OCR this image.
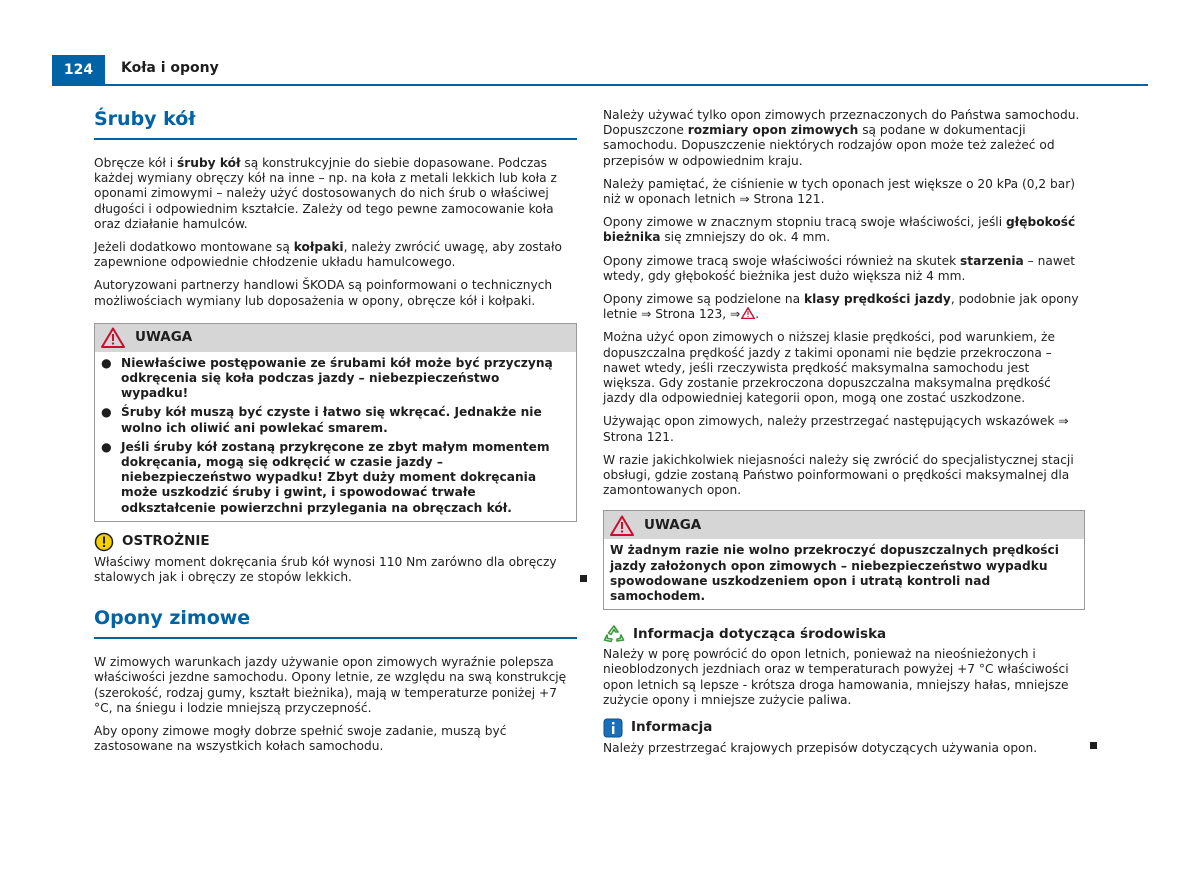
124	Koła i opony
Śruby kół

Obręcze kół i śruby kół są konstrukcyjnie do siebie dopasowane. Podczas każdej wymiany obręczy kół na inne – np. na koła z metali lekkich lub koła z oponami zimowymi – należy użyć dostosowanych do nich śrub o właściwej długości i odpowiednim kształcie. Zależy od tego pewne zamocowanie koła oraz działanie hamulców.

Jeżeli dodatkowo montowane są kołpaki, należy zwrócić uwagę, aby zostało zapewnione odpowiednie chłodzenie układu hamulcowego.

Autoryzowani partnerzy handlowi ŠKODA są poinformowani o technicznych możliwościach wymiany lub doposażenia w opony, obręcze kół i kołpaki.

UWAGA
● Niewłaściwe postępowanie ze śrubami kół może być przyczyną odkręcenia się koła podczas jazdy – niebezpieczeństwo wypadku!
● Śruby kół muszą być czyste i łatwo się wkręcać. Jednakże nie wolno ich oliwić ani powlekać smarem.
● Jeśli śruby kół zostaną przykręcone ze zbyt małym momentem dokręcania, mogą się odkręcić w czasie jazdy – niebezpieczeństwo wypadku! Zbyt duży moment dokręcania może uszkodzić śruby i gwint, i spowodować trwałe odkształcenie powierzchni przylegania na obręczach kół.
OSTROŻNIE

Właściwy moment dokręcania śrub kół wynosi 110 Nm zarówno dla obręczy stalowych jak i obręczy ze stopów lekkich.

Opony zimowe

W zimowych warunkach jazdy używanie opon zimowych wyraźnie polepsza właściwości jezdne samochodu. Opony letnie, ze względu na swą konstrukcję (szerokość, rodzaj gumy, kształt bieżnika), mają w temperaturze poniżej +7 °C, na śniegu i lodzie mniejszą przyczepność.

Aby opony zimowe mogły dobrze spełnić swoje zadanie, muszą być zastosowane na wszystkich kołach samochodu.

Należy używać tylko opon zimowych przeznaczonych do Państwa samochodu. Dopuszczone rozmiary opon zimowych są podane w dokumentacji samochodu. Dopuszczenie niektórych rodzajów opon może też zależeć od przepisów w odpowiednim kraju.

Należy pamiętać, że ciśnienie w tych oponach jest większe o 20 kPa (0,2 bar) niż w oponach letnich ⇒ Strona 121.

Opony zimowe w znacznym stopniu tracą swoje właściwości, jeśli głębokość bieżnika się zmniejszy do ok. 4 mm.

Opony zimowe tracą swoje właściwości również na skutek starzenia – nawet wtedy, gdy głębokość bieżnika jest dużo większa niż 4 mm.

Opony zimowe są podzielone na klasy prędkości jazdy, podobnie jak opony letnie ⇒ Strona 123, ⇒ .

Można użyć opon zimowych o niższej klasie prędkości, pod warunkiem, że dopuszczalna prędkość jazdy z takimi oponami nie będzie przekroczona – nawet wtedy, jeśli rzeczywista prędkość maksymalna samochodu jest większa. Gdy zostanie przekroczona dopuszczalna maksymalna prędkość jazdy dla odpowiedniej kategorii opon, mogą one zostać uszkodzone.

Używając opon zimowych, należy przestrzegać następujących wskazówek ⇒ Strona 121.

W razie jakichkolwiek niejasności należy się zwrócić do specjalistycznej stacji obsługi, gdzie zostaną Państwo poinformowani o prędkości maksymalnej dla zamontowanych opon.

UWAGA
W żadnym razie nie wolno przekroczyć dopuszczalnych prędkości jazdy założonych opon zimowych – niebezpieczeństwo wypadku spowodowane uszkodzeniem opon i utratą kontroli nad samochodem.
Informacja dotycząca środowiska

Należy w porę powrócić do opon letnich, ponieważ na nieośnieżonych i nieoblodzonych jezdniach oraz w temperaturach powyżej +7 °C właściwości opon letnich są lepsze - krótsza droga hamowania, mniejszy hałas, mniejsze zużycie opony i mniejsze zużycie paliwa.

Informacja

Należy przestrzegać krajowych przepisów dotyczących używania opon.
